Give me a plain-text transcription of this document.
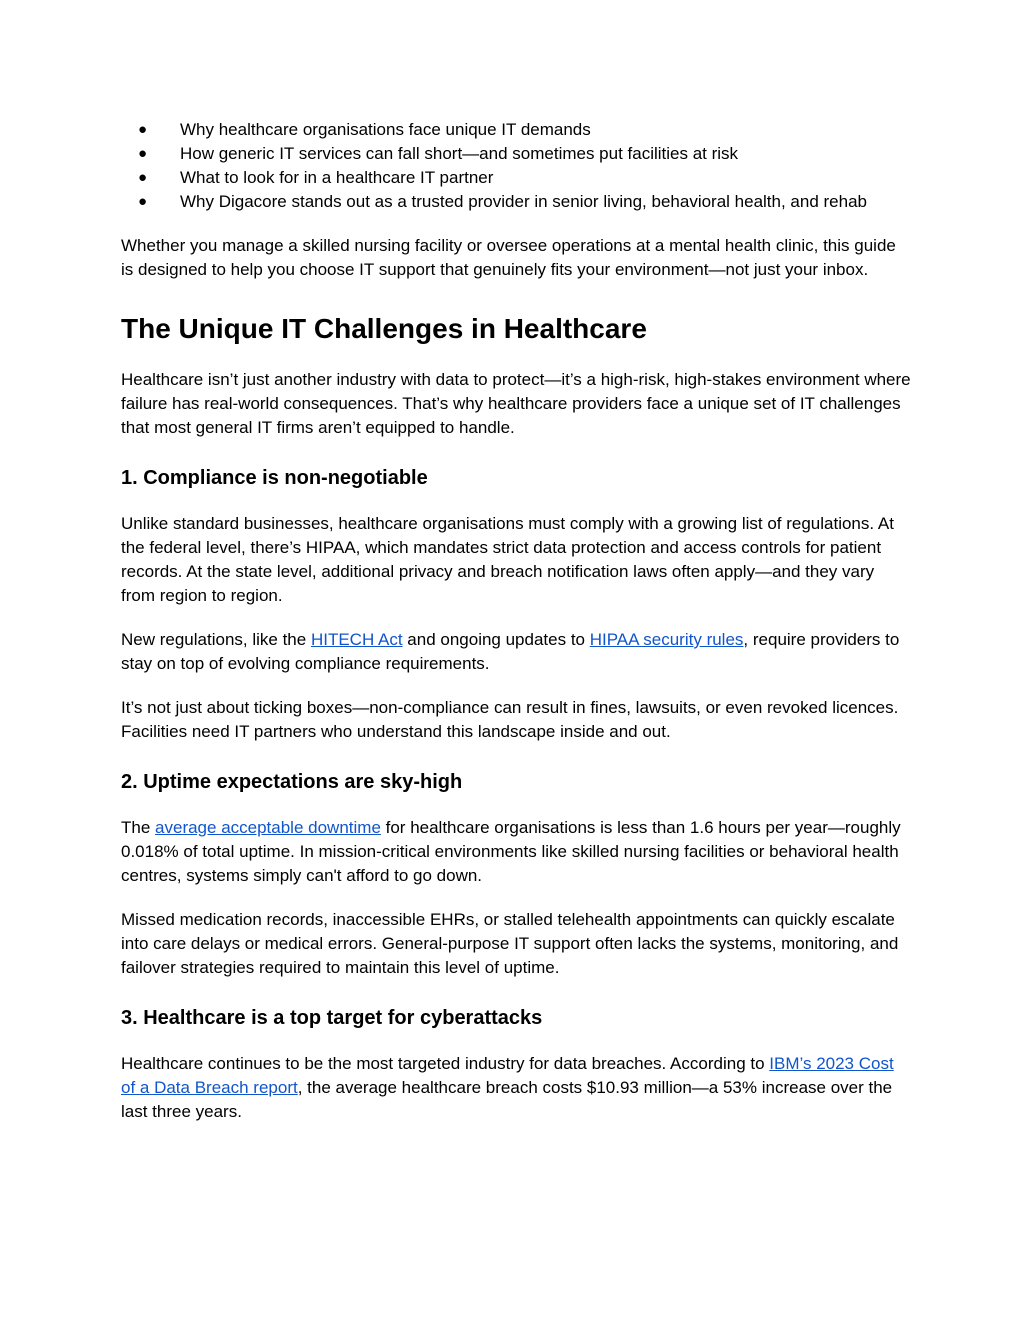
● Why healthcare organisations face unique IT demands
● How generic IT services can fall short—and sometimes put facilities at risk
● What to look for in a healthcare IT partner
● Why Digacore stands out as a trusted provider in senior living, behavioral health, and rehab

Whether you manage a skilled nursing facility or oversee operations at a mental health clinic, this guide is designed to help you choose IT support that genuinely fits your environment—not just your inbox.

The Unique IT Challenges in Healthcare

Healthcare isn’t just another industry with data to protect—it’s a high-risk, high-stakes environment where failure has real-world consequences. That’s why healthcare providers face a unique set of IT challenges that most general IT firms aren’t equipped to handle.

1. Compliance is non-negotiable

Unlike standard businesses, healthcare organisations must comply with a growing list of regulations. At the federal level, there’s HIPAA, which mandates strict data protection and access controls for patient records. At the state level, additional privacy and breach notification laws often apply—and they vary from region to region.

New regulations, like the HITECH Act and ongoing updates to HIPAA security rules, require providers to stay on top of evolving compliance requirements.

It’s not just about ticking boxes—non-compliance can result in fines, lawsuits, or even revoked licences. Facilities need IT partners who understand this landscape inside and out.

2. Uptime expectations are sky-high

The average acceptable downtime for healthcare organisations is less than 1.6 hours per year—roughly 0.018% of total uptime. In mission-critical environments like skilled nursing facilities or behavioral health centres, systems simply can't afford to go down.

Missed medication records, inaccessible EHRs, or stalled telehealth appointments can quickly escalate into care delays or medical errors. General-purpose IT support often lacks the systems, monitoring, and failover strategies required to maintain this level of uptime.

3. Healthcare is a top target for cyberattacks

Healthcare continues to be the most targeted industry for data breaches. According to IBM’s 2023 Cost of a Data Breach report, the average healthcare breach costs $10.93 million—a 53% increase over the last three years.
